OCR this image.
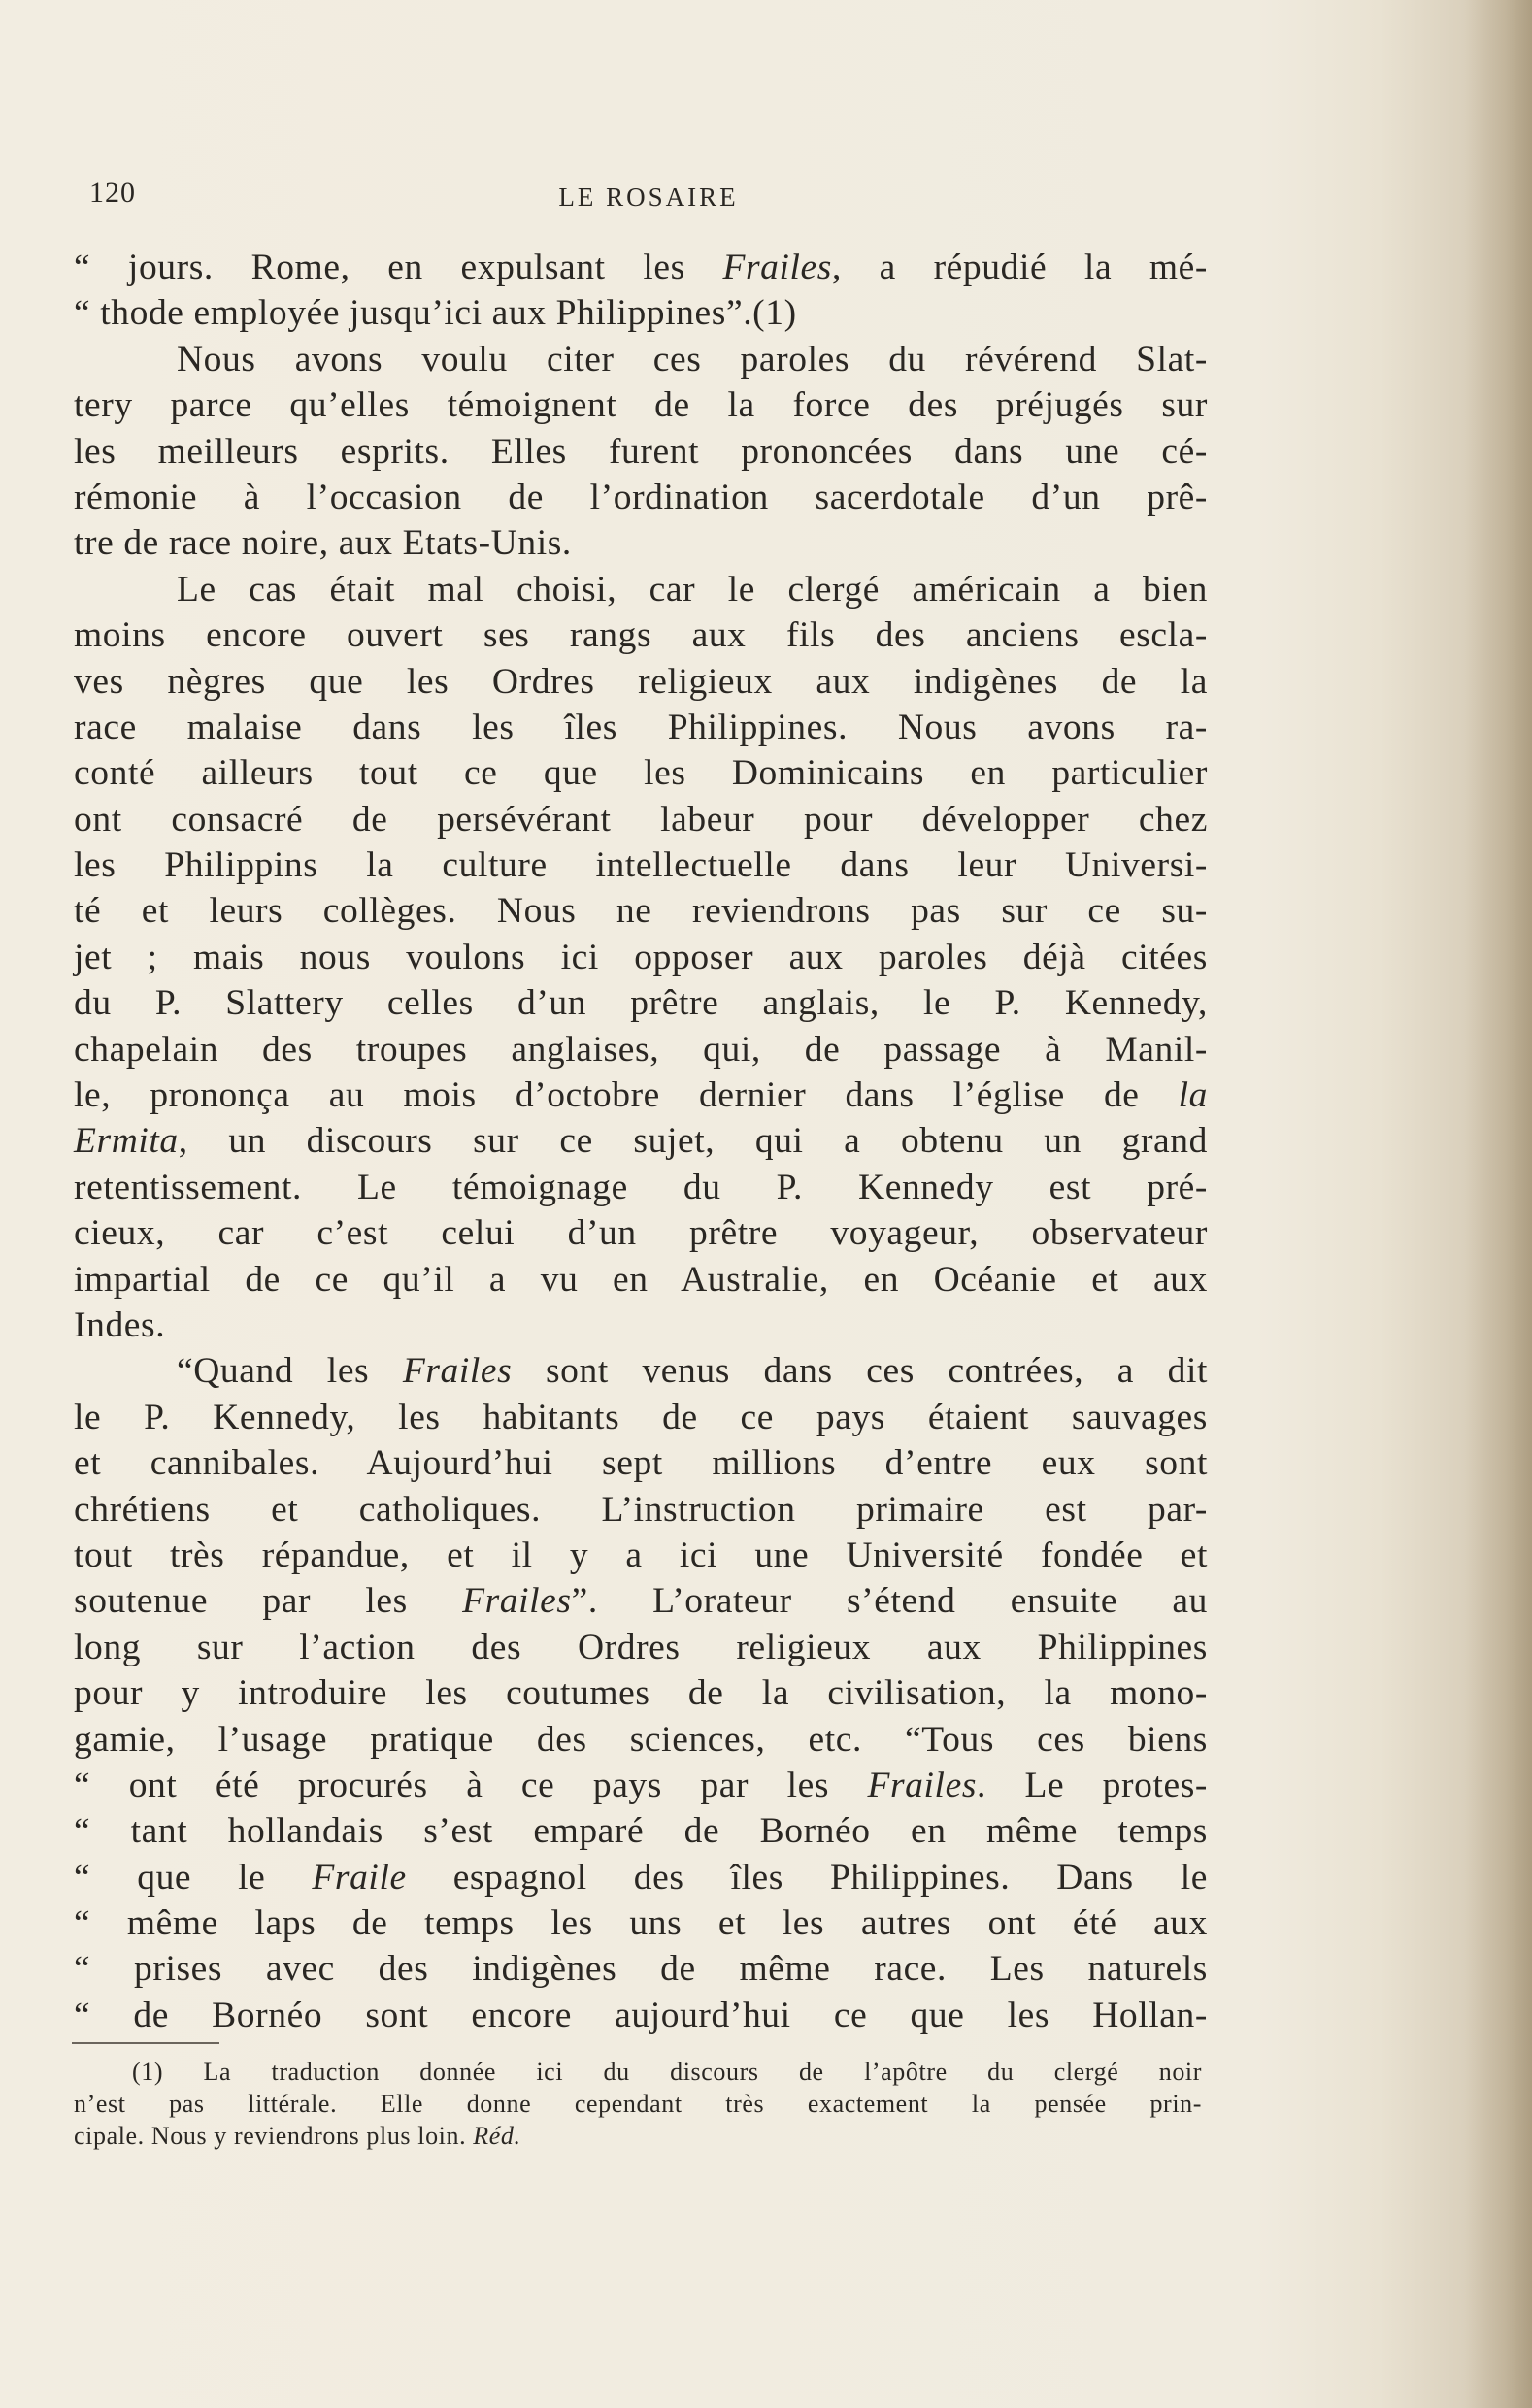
120	LE ROSAIRE
“ jours. Rome, en expulsant les Frailes, a répudié la mé-
“ thode employée jusqu’ici aux Philippines”.(1)
Nous avons voulu citer ces paroles du révérend Slat-
tery parce qu’elles témoignent de la force des préjugés sur
les meilleurs esprits. Elles furent prononcées dans une cé-
rémonie à l’occasion de l’ordination sacerdotale d’un prê-
tre de race noire, aux Etats-Unis.
Le cas était mal choisi, car le clergé américain a bien
moins encore ouvert ses rangs aux fils des anciens escla-
ves nègres que les Ordres religieux aux indigènes de la
race malaise dans les îles Philippines. Nous avons ra-
conté ailleurs tout ce que les Dominicains en particulier
ont consacré de persévérant labeur pour développer chez
les Philippins la culture intellectuelle dans leur Universi-
té et leurs collèges. Nous ne reviendrons pas sur ce su-
jet ; mais nous voulons ici opposer aux paroles déjà citées
du P. Slattery celles d’un prêtre anglais, le P. Kennedy,
chapelain des troupes anglaises, qui, de passage à Manil-
le, prononça au mois d’octobre dernier dans l’église de la
Ermita, un discours sur ce sujet, qui a obtenu un grand
retentissement. Le témoignage du P. Kennedy est pré-
cieux, car c’est celui d’un prêtre voyageur, observateur
impartial de ce qu’il a vu en Australie, en Océanie et aux
Indes.
“Quand les Frailes sont venus dans ces contrées, a dit
le P. Kennedy, les habitants de ce pays étaient sauvages
et cannibales. Aujourd’hui sept millions d’entre eux sont
chrétiens et catholiques. L’instruction primaire est par-
tout très répandue, et il y a ici une Université fondée et
soutenue par les Frailes”. L’orateur s’étend ensuite au
long sur l’action des Ordres religieux aux Philippines
pour y introduire les coutumes de la civilisation, la mono-
gamie, l’usage pratique des sciences, etc. “Tous ces biens
“ ont été procurés à ce pays par les Frailes. Le protes-
“ tant hollandais s’est emparé de Bornéo en même temps
“ que le Fraile espagnol des îles Philippines. Dans le
“ même laps de temps les uns et les autres ont été aux
“ prises avec des indigènes de même race. Les naturels
“ de Bornéo sont encore aujourd’hui ce que les Hollan-
(1) La traduction donnée ici du discours de l’apôtre du clergé noir
n’est pas littérale. Elle donne cependant très exactement la pensée prin-
cipale. Nous y reviendrons plus loin. Réd.
